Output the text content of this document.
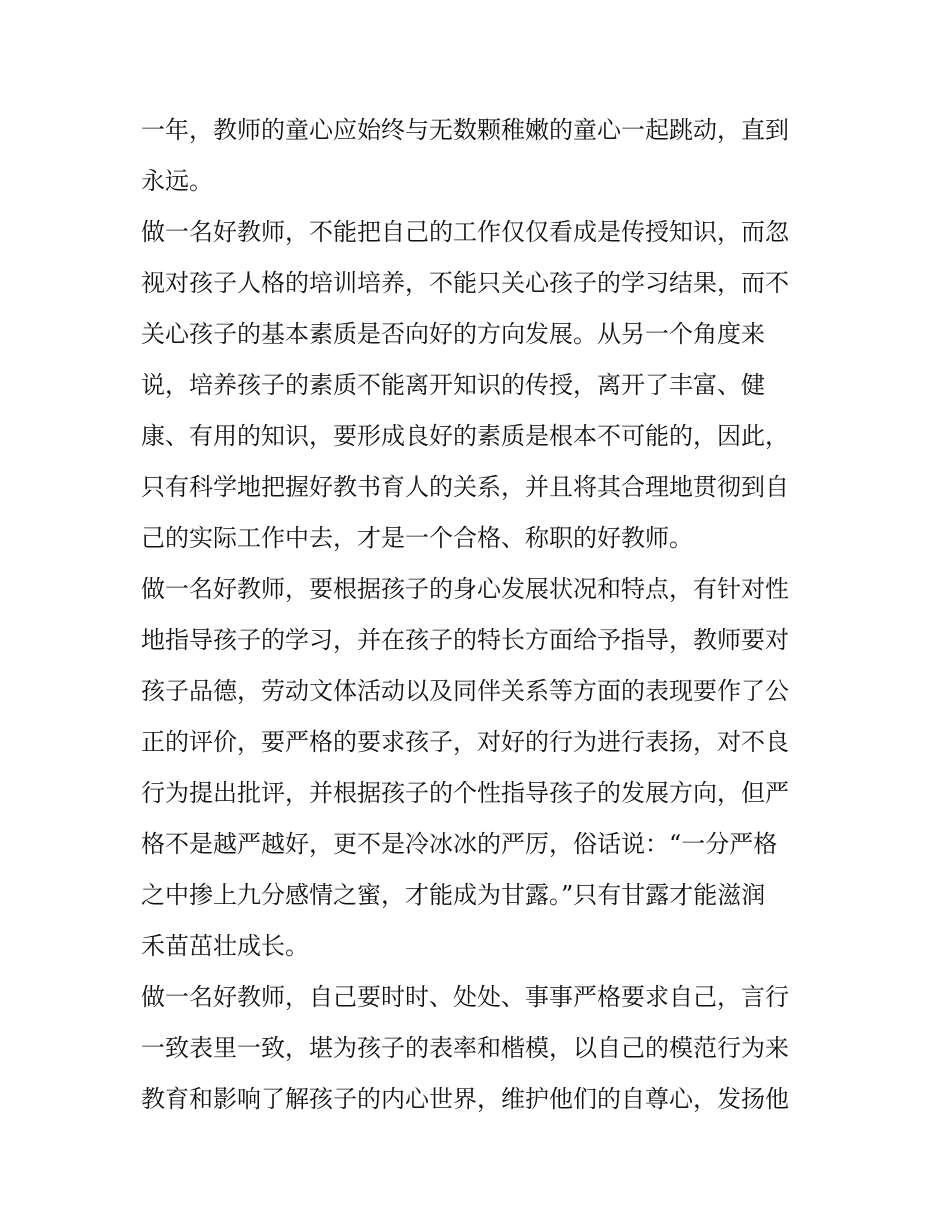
一年，教师的童心应始终与无数颗稚嫩的童心一起跳动，直到
永远。
做一名好教师，不能把自己的工作仅仅看成是传授知识，而忽
视对孩子人格的培训培养，不能只关心孩子的学习结果，而不
关心孩子的基本素质是否向好的方向发展。从另一个角度来
说，培养孩子的素质不能离开知识的传授，离开了丰富、健
康、有用的知识，要形成良好的素质是根本不可能的，因此，
只有科学地把握好教书育人的关系，并且将其合理地贯彻到自
己的实际工作中去，才是一个合格、称职的好教师。
做一名好教师，要根据孩子的身心发展状况和特点，有针对性
地指导孩子的学习，并在孩子的特长方面给予指导，教师要对
孩子品德，劳动文体活动以及同伴关系等方面的表现要作了公
正的评价，要严格的要求孩子，对好的行为进行表扬，对不良
行为提出批评，并根据孩子的个性指导孩子的发展方向，但严
格不是越严越好，更不是冷冰冰的严厉，俗话说：“一分严格
之中掺上九分感情之蜜，才能成为甘露。”只有甘露才能滋润
禾苗茁壮成长。
做一名好教师，自己要时时、处处、事事严格要求自己，言行
一致表里一致，堪为孩子的表率和楷模，以自己的模范行为来
教育和影响了解孩子的内心世界，维护他们的自尊心，发扬他
